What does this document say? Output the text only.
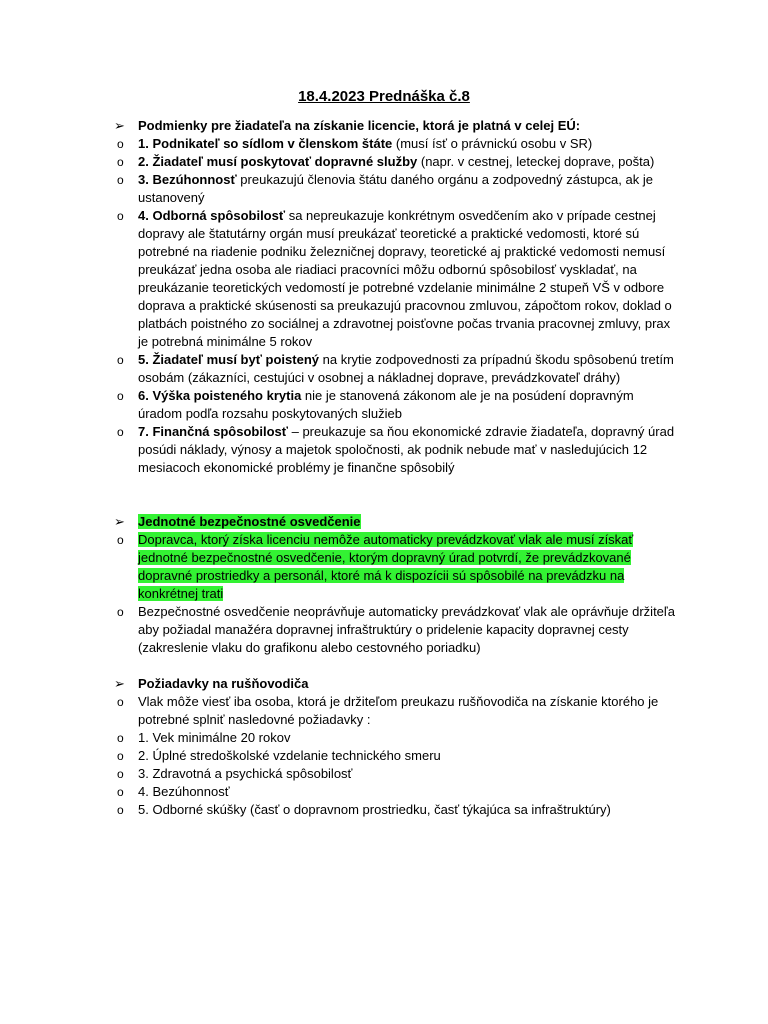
18.4.2023 Prednáška č.8
➢ Podmienky pre žiadateľa na získanie licencie, ktorá je platná v celej EÚ:
o 1. Podnikateľ so sídlom v členskom štáte (musí ísť o právnickú osobu v SR)
o 2. Žiadateľ musí poskytovať dopravné služby (napr. v cestnej, leteckej doprave, pošta)
o 3. Bezúhonnosť preukazujú členovia štátu daného orgánu a zodpovedný zástupca, ak je ustanovený
o 4. Odborná spôsobilosť sa nepreukazuje konkrétnym osvedčením ako v prípade cestnej dopravy ale štatutárny orgán musí preukázať teoretické a praktické vedomosti, ktoré sú potrebné na riadenie podniku železničnej dopravy, teoretické aj praktické vedomosti nemusí preukázať jedna osoba ale riadiaci pracovníci môžu odbornú spôsobilosť vyskladať, na preukázanie teoretických vedomostí je potrebné vzdelanie minimálne 2 stupeň VŠ v odbore doprava a praktické skúsenosti sa preukazujú pracovnou zmluvou, zápočtom rokov, doklad o platbách poistného zo sociálnej a zdravotnej poisťovne počas trvania pracovnej zmluvy, prax je potrebná minimálne 5 rokov
o 5. Žiadateľ musí byť poistený na krytie zodpovednosti za prípadnú škodu spôsobenú tretím osobám (zákazníci, cestujúci v osobnej a nákladnej doprave, prevádzkovateľ dráhy)
o 6. Výška poisteného krytia nie je stanovená zákonom ale je na posúdení dopravným úradom podľa rozsahu poskytovaných služieb
o 7. Finančná spôsobilosť – preukazuje sa ňou ekonomické zdravie žiadateľa, dopravný úrad posúdi náklady, výnosy a majetok spoločnosti, ak podnik nebude mať v nasledujúcich 12 mesiacoch ekonomické problémy je finančne spôsobilý
➢ Jednotné bezpečnostné osvedčenie
o Dopravca, ktorý získa licenciu nemôže automaticky prevádzkovať vlak ale musí získať jednotné bezpečnostné osvedčenie, ktorým dopravný úrad potvrdí, že prevádzkované dopravné prostriedky a personál, ktoré má k dispozícii sú spôsobilé na prevádzku na konkrétnej trati
o Bezpečnostné osvedčenie neoprávňuje automaticky prevádzkovať vlak ale oprávňuje držiteľa aby požiadal manažéra dopravnej infraštruktúry o pridelenie kapacity dopravnej cesty (zakreslenie vlaku do grafikonu alebo cestovného poriadku)
➢ Požiadavky na rušňovodiča
o Vlak môže viesť iba osoba, ktorá je držiteľom preukazu rušňovodiča na získanie ktorého je potrebné splniť nasledovné požiadavky :
o 1. Vek minimálne 20 rokov
o 2. Úplné stredoškolské vzdelanie technického smeru
o 3. Zdravotná a psychická spôsobilosť
o 4. Bezúhonnosť
o 5. Odborné skúšky (časť o dopravnom prostriedku, časť týkajúca sa infraštruktúry)
